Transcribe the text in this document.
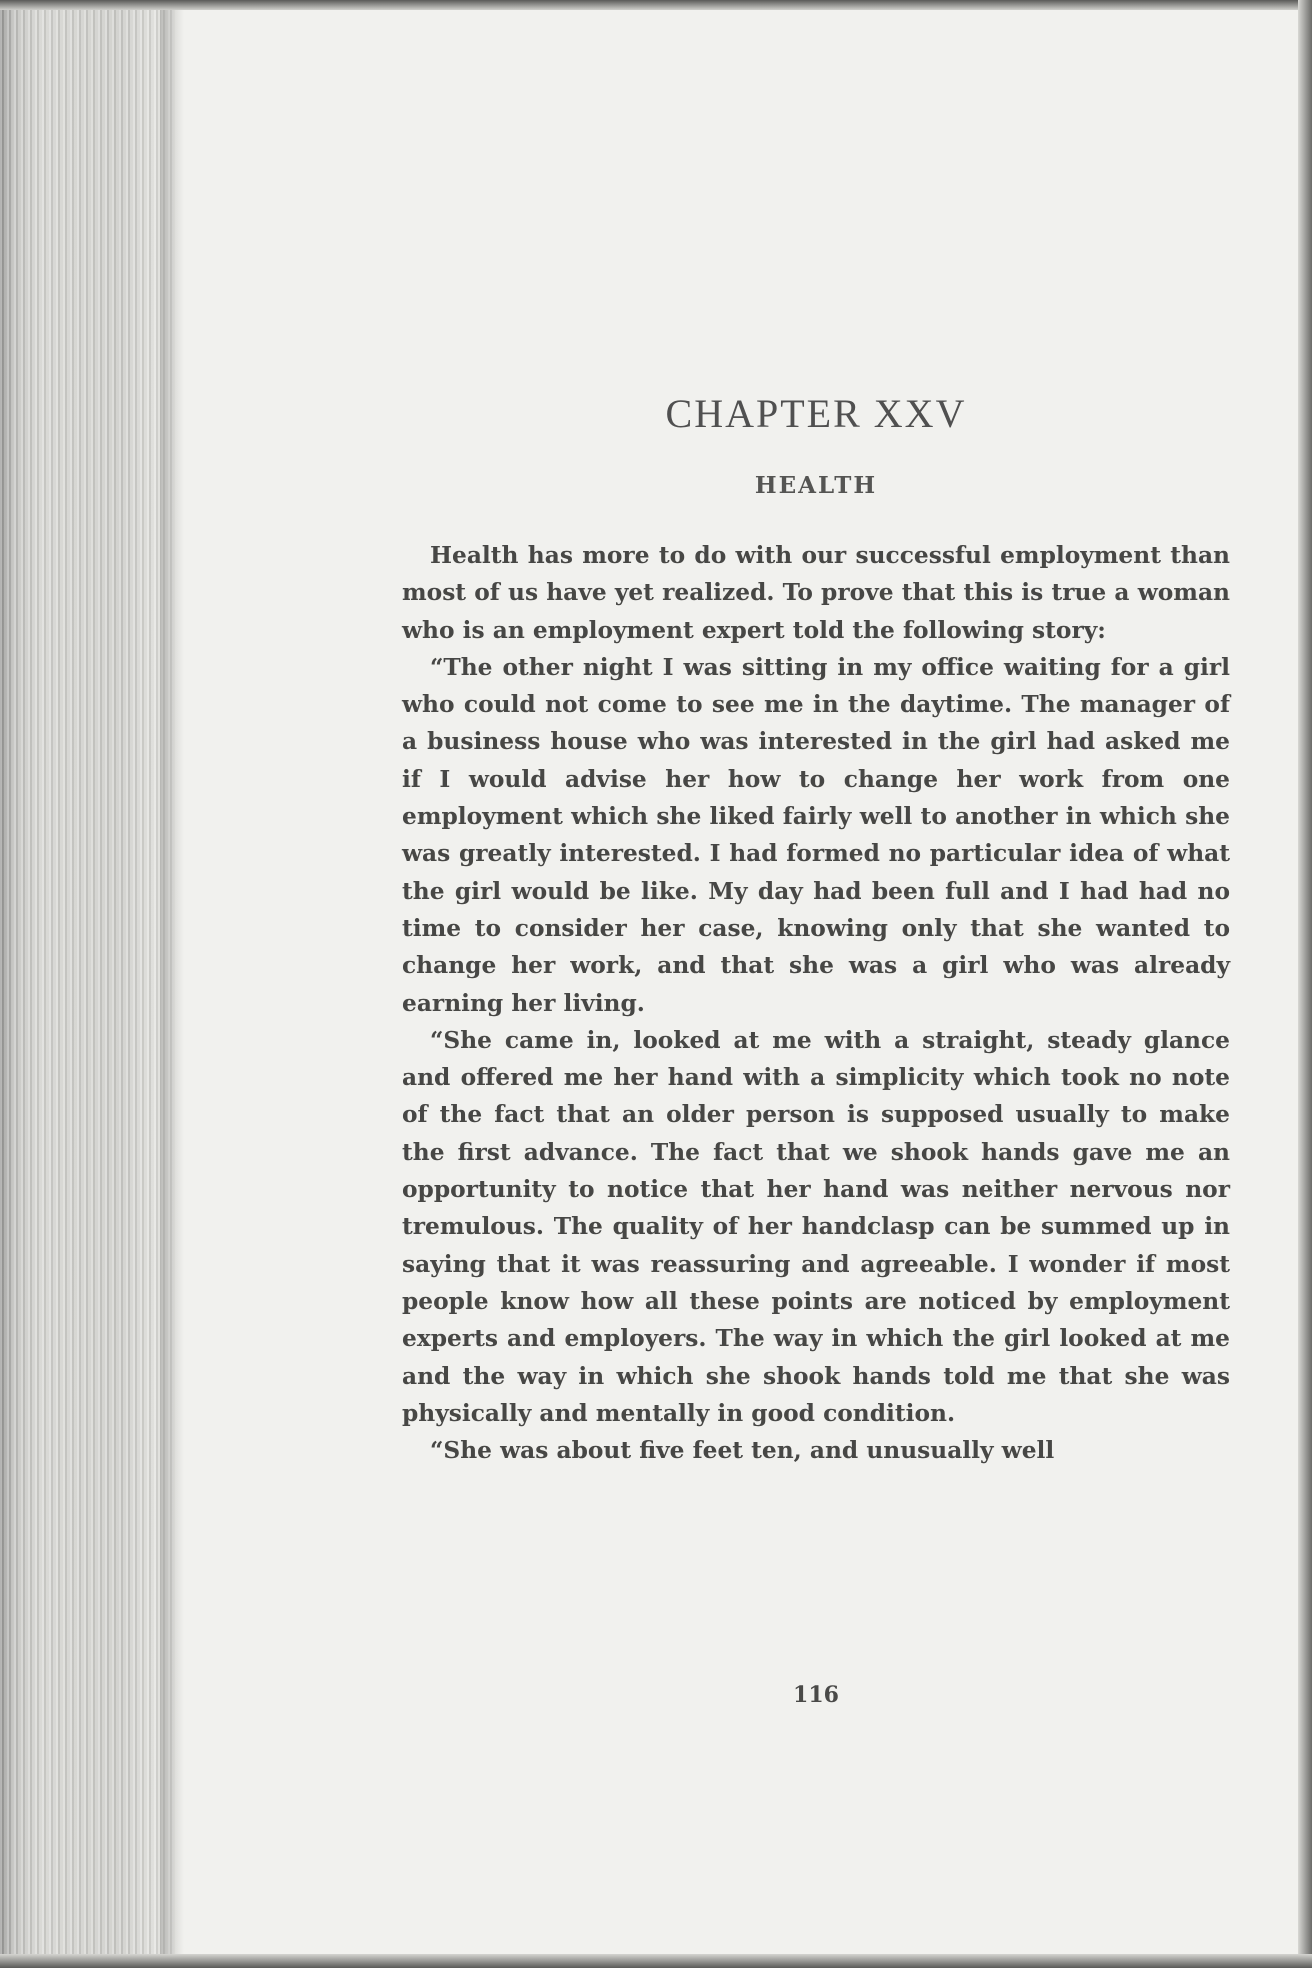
CHAPTER XXV
HEALTH

Health has more to do with our successful employment than most of us have yet realized. To prove that this is true a woman who is an employment expert told the following story:

“The other night I was sitting in my office waiting for a girl who could not come to see me in the daytime. The manager of a business house who was interested in the girl had asked me if I would advise her how to change her work from one employment which she liked fairly well to another in which she was greatly interested. I had formed no particular idea of what the girl would be like. My day had been full and I had had no time to consider her case, knowing only that she wanted to change her work, and that she was a girl who was already earning her living.

“She came in, looked at me with a straight, steady glance and offered me her hand with a simplicity which took no note of the fact that an older person is supposed usually to make the first advance. The fact that we shook hands gave me an opportunity to notice that her hand was neither nervous nor tremulous. The quality of her handclasp can be summed up in saying that it was reassuring and agreeable. I wonder if most people know how all these points are noticed by employment experts and employers. The way in which the girl looked at me and the way in which she shook hands told me that she was physically and mentally in good condition.

“She was about five feet ten, and unusually well

116
